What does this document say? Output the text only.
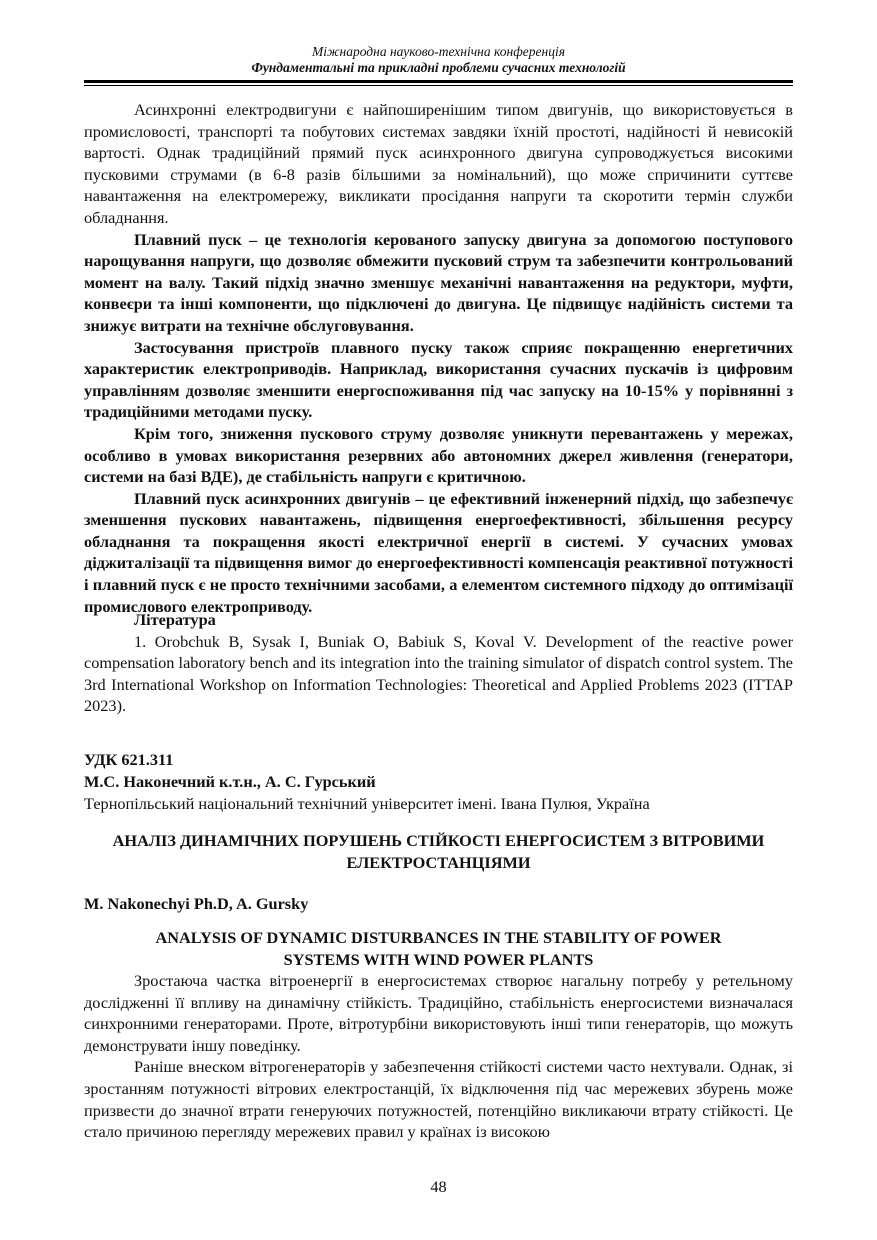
Міжнародна науково-технічна конференція
Фундаментальні та прикладні проблеми сучасних технологій

Асинхронні електродвигуни є найпоширенішим типом двигунів, що використовується в промисловості, транспорті та побутових системах завдяки їхній простоті, надійності й невисокій вартості. Однак традиційний прямий пуск асинхронного двигуна супроводжується високими пусковими струмами (в 6-8 разів більшими за номінальний), що може спричинити суттєве навантаження на електромережу, викликати просідання напруги та скоротити термін служби обладнання.

Плавний пуск – це технологія керованого запуску двигуна за допомогою поступового нарощування напруги, що дозволяє обмежити пусковий струм та забезпечити контрольований момент на валу. Такий підхід значно зменшує механічні навантаження на редуктори, муфти, конвеєри та інші компоненти, що підключені до двигуна. Це підвищує надійність системи та знижує витрати на технічне обслуговування.

Застосування пристроїв плавного пуску також сприяє покращенню енергетичних характеристик електроприводів. Наприклад, використання сучасних пускачів із цифровим управлінням дозволяє зменшити енергоспоживання під час запуску на 10-15% у порівнянні з традиційними методами пуску.

Крім того, зниження пускового струму дозволяє уникнути перевантажень у мережах, особливо в умовах використання резервних або автономних джерел живлення (генератори, системи на базі ВДЕ), де стабільність напруги є критичною.

Плавний пуск асинхронних двигунів – це ефективний інженерний підхід, що забезпечує зменшення пускових навантажень, підвищення енергоефективності, збільшення ресурсу обладнання та покращення якості електричної енергії в системі. У сучасних умовах діджиталізації та підвищення вимог до енергоефективності компенсація реактивної потужності і плавний пуск є не просто технічними засобами, а елементом системного підходу до оптимізації промислового електроприводу.

Література

1. Orobchuk B, Sysak I, Buniak O, Babiuk S, Koval V. Development of the reactive power compensation laboratory bench and its integration into the training simulator of dispatch control system. The 3rd International Workshop on Information Technologies: Theoretical and Applied Problems 2023 (ITTAP 2023).

УДК 621.311
М.С. Наконечний к.т.н., А. С. Гурський
Тернопільський національний технічний університет імені. Івана Пулюя, Україна
АНАЛІЗ ДИНАМІЧНИХ ПОРУШЕНЬ СТІЙКОСТІ ЕНЕРГОСИСТЕМ З ВІТРОВИМИ
ЕЛЕКТРОСТАНЦІЯМИ
M. Nakonechyi Ph.D, A. Gursky
ANALYSIS OF DYNAMIC DISTURBANCES IN THE STABILITY OF POWER
SYSTEMS WITH WIND POWER PLANTS

Зростаюча частка вітроенергії в енергосистемах створює нагальну потребу у ретельному дослідженні її впливу на динамічну стійкість. Традиційно, стабільність енергосистеми визначалася синхронними генераторами. Проте, вітротурбіни використовують інші типи генераторів, що можуть демонструвати іншу поведінку.

Раніше внеском вітрогенераторів у забезпечення стійкості системи часто нехтували. Однак, зі зростанням потужності вітрових електростанцій, їх відключення під час мережевих збурень може призвести до значної втрати генеруючих потужностей, потенційно викликаючи втрату стійкості. Це стало причиною перегляду мережевих правил у країнах із високою

48
